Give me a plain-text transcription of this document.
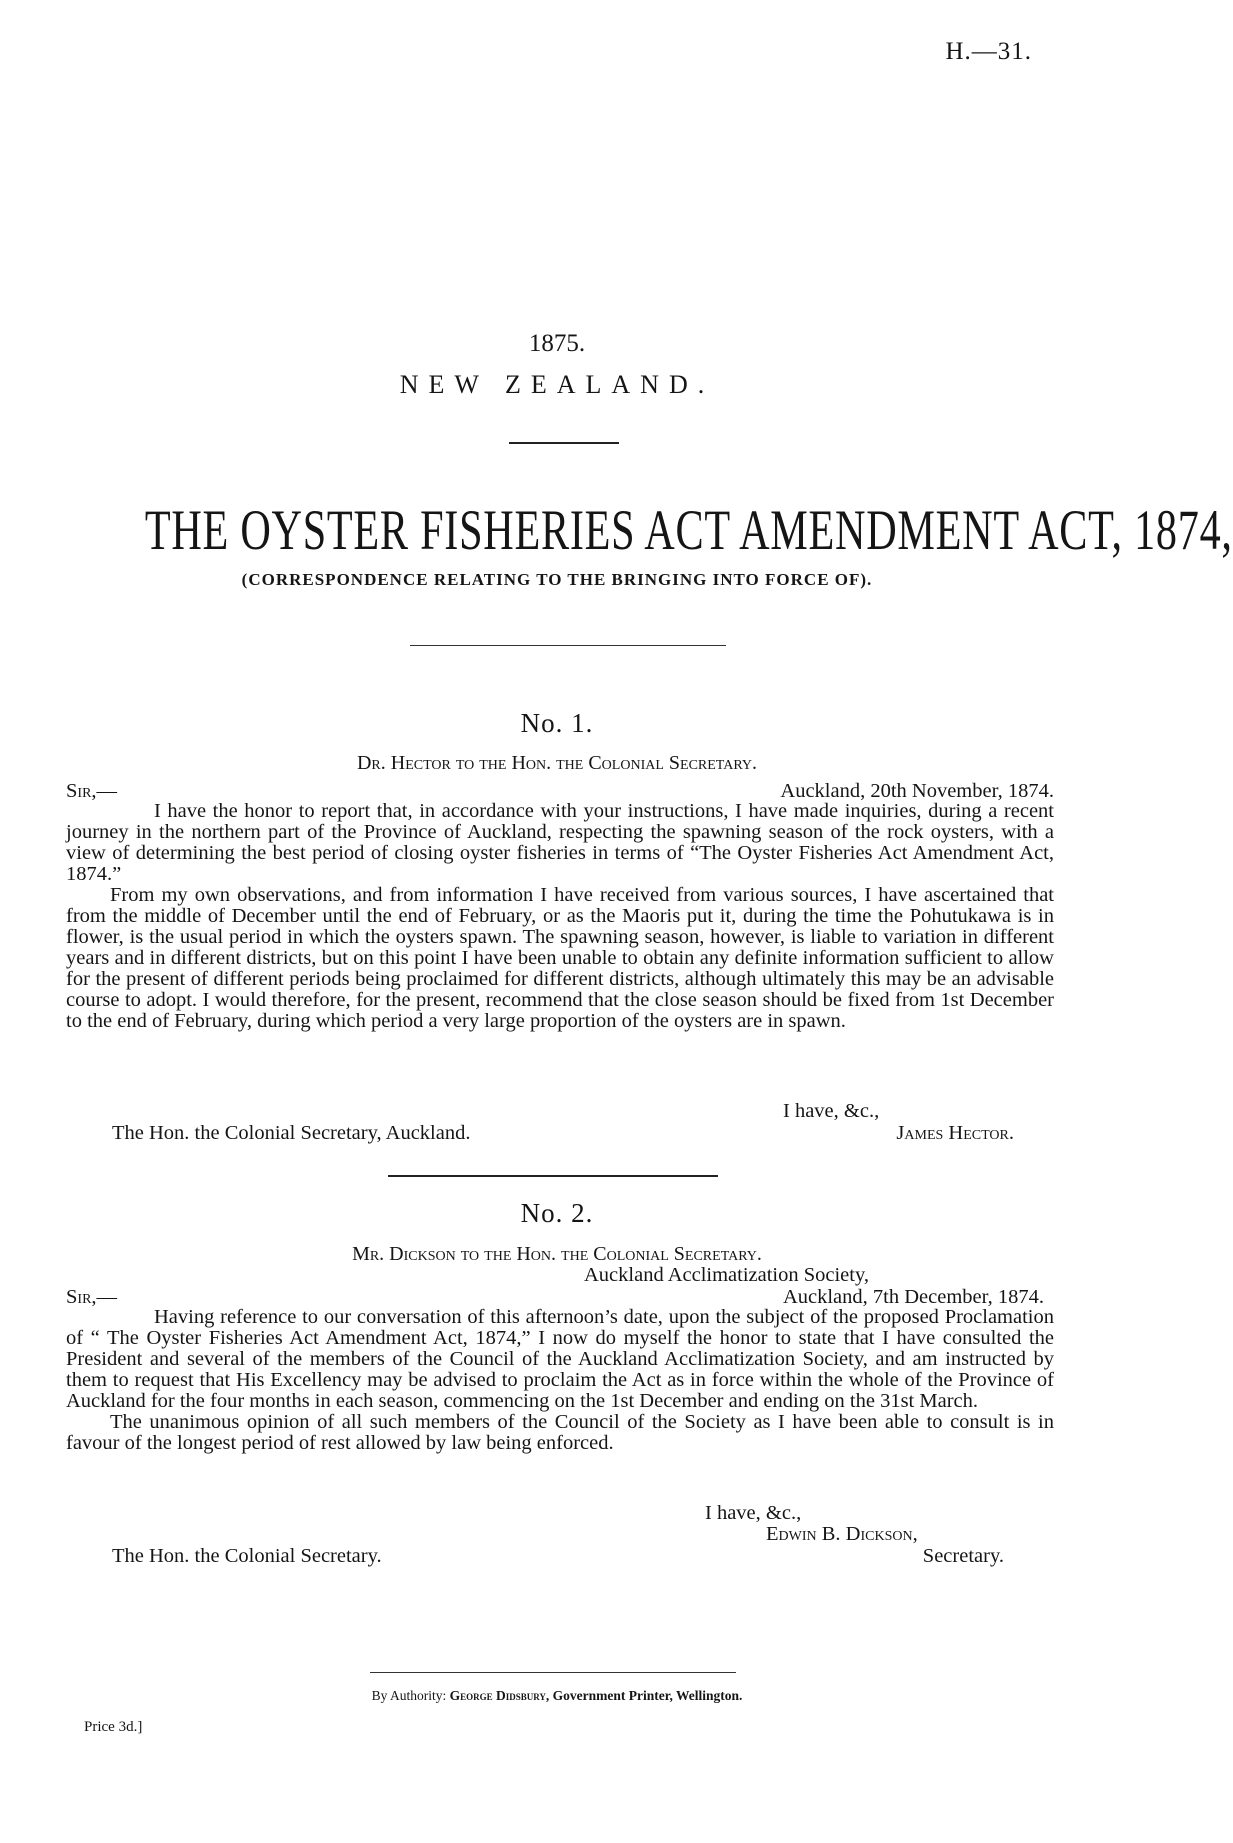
H.—31.
1875.
NEW ZEALAND.
THE OYSTER FISHERIES ACT AMENDMENT ACT, 1874,
(CORRESPONDENCE RELATING TO THE BRINGING INTO FORCE OF).
No. 1.
Dr. Hector to the Hon. the Colonial Secretary.
Sir,—	Auckland, 20th November, 1874.

I have the honor to report that, in accordance with your instructions, I have made inquiries, during a recent journey in the northern part of the Province of Auckland, respecting the spawning season of the rock oysters, with a view of determining the best period of closing oyster fisheries in terms of “The Oyster Fisheries Act Amendment Act, 1874.”

From my own observations, and from information I have received from various sources, I have ascertained that from the middle of December until the end of February, or as the Maoris put it, during the time the Pohutukawa is in flower, is the usual period in which the oysters spawn. The spawning season, however, is liable to variation in different years and in different districts, but on this point I have been unable to obtain any definite information sufficient to allow for the present of different periods being proclaimed for different districts, although ultimately this may be an advisable course to adopt. I would therefore, for the present, recommend that the close season should be fixed from 1st December to the end of February, during which period a very large proportion of the oysters are in spawn.

I have, &c.,
The Hon. the Colonial Secretary, Auckland.	James Hector.
No. 2.
Mr. Dickson to the Hon. the Colonial Secretary.
Auckland Acclimatization Society,
Sir,—	Auckland, 7th December, 1874.

Having reference to our conversation of this afternoon’s date, upon the subject of the proposed Proclamation of “ The Oyster Fisheries Act Amendment Act, 1874,” I now do myself the honor to state that I have consulted the President and several of the members of the Council of the Auckland Acclimatization Society, and am instructed by them to request that His Excellency may be advised to proclaim the Act as in force within the whole of the Province of Auckland for the four months in each season, commencing on the 1st December and ending on the 31st March.

The unanimous opinion of all such members of the Council of the Society as I have been able to consult is in favour of the longest period of rest allowed by law being enforced.

I have, &c.,
Edwin B. Dickson,
The Hon. the Colonial Secretary.	Secretary.
By Authority: George Didsbury, Government Printer, Wellington.
Price 3d.]
